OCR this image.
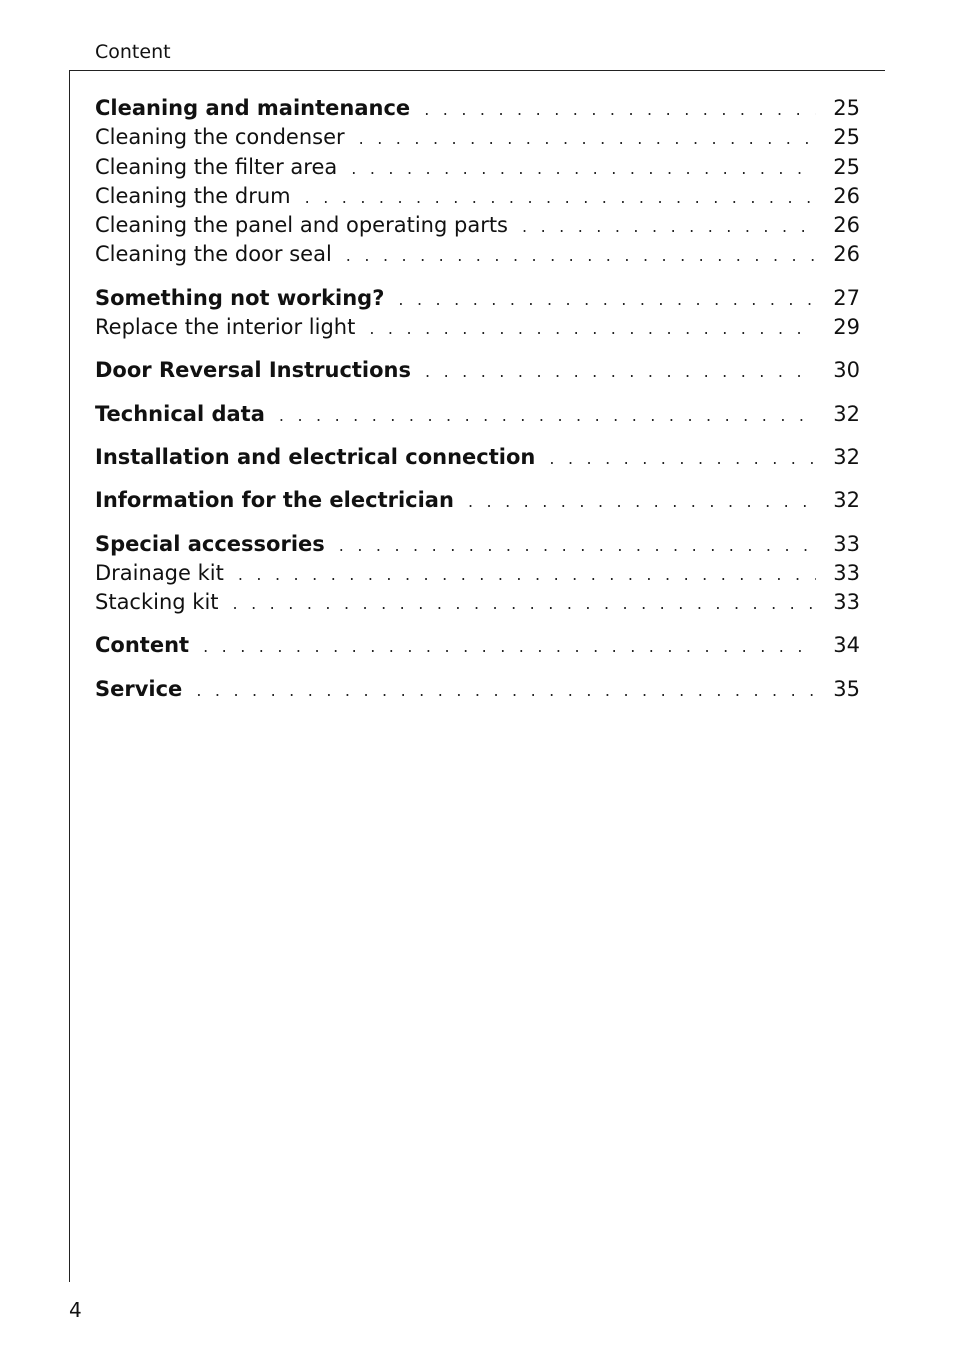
Content
Cleaning and maintenance . . .	25
Cleaning the condenser . . .	25
Cleaning the filter area . . .	25
Cleaning the drum . . .	26
Cleaning the panel and operating parts . . .	26
Cleaning the door seal . . .	26
Something not working? . . .	27
Replace the interior light . . .	29
Door Reversal Instructions . . .	30
Technical data . . .	32
Installation and electrical connection . . .	32
Information for the electrician . . .	32
Special accessories . . .	33
Drainage kit . . .	33
Stacking kit . . .	33
Content . . .	34
Service . . .	35
4
